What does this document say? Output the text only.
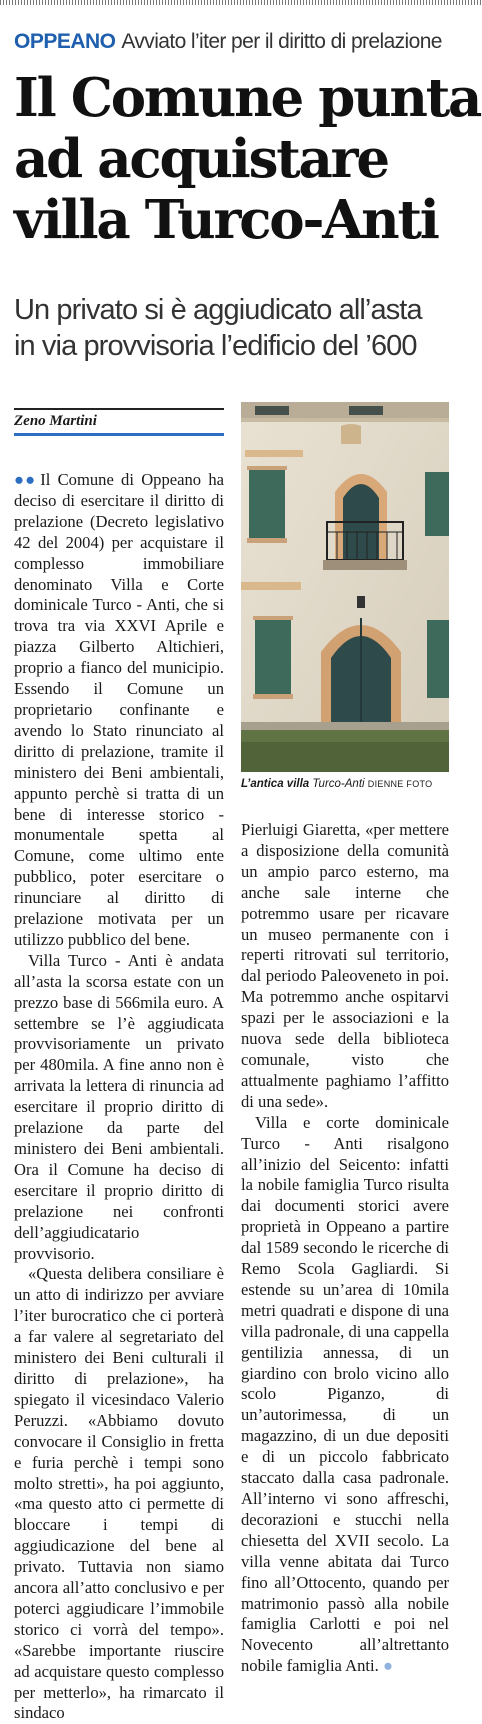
OPPEANO Avviato l’iter per il diritto di prelazione
Il Comune punta
ad acquistare
villa Turco-Anti
Un privato si è aggiudicato all’asta
in via provvisoria l’edificio del ’600
Zeno Martini

●● Il Comune di Oppeano ha deciso di esercitare il diritto di prelazione (Decreto legislativo 42 del 2004) per acquistare il complesso immobiliare denominato Villa e Corte dominicale Turco - Anti, che si trova tra via XXVI Aprile e piazza Gilberto Altichieri, proprio a fianco del municipio. Essendo il Comune un proprietario confinante e avendo lo Stato rinunciato al diritto di prelazione, tramite il ministero dei Beni ambientali, appunto perchè si tratta di un bene di interesse storico - monumentale spetta al Comune, come ultimo ente pubblico, poter esercitare o rinunciare al diritto di prelazione motivata per un utilizzo pubblico del bene.

Villa Turco - Anti è andata all’asta la scorsa estate con un prezzo base di 566mila euro. A settembre se l’è aggiudicata provvisoriamente un privato per 480mila. A fine anno non è arrivata la lettera di rinuncia ad esercitare il proprio diritto di prelazione da parte del ministero dei Beni ambientali. Ora il Comune ha deciso di esercitare il proprio diritto di prelazione nei confronti dell’aggiudicatario provvisorio.

«Questa delibera consiliare è un atto di indirizzo per avviare l’iter burocratico che ci porterà a far valere al segretariato del ministero dei Beni culturali il diritto di prelazione», ha spiegato il vicesindaco Valerio Peruzzi. «Abbiamo dovuto convocare il Consiglio in fretta e furia perchè i tempi sono molto stretti», ha poi aggiunto, «ma questo atto ci permette di bloccare i tempi di aggiudicazione del bene al privato. Tuttavia non siamo ancora all’atto conclusivo e per poterci aggiudicare l’immobile storico ci vorrà del tempo». «Sarebbe importante riuscire ad acquistare questo complesso per metterlo», ha rimarcato il sindaco

L’antica villa Turco-Anti DIENNE FOTO

Pierluigi Giaretta, «per mettere a disposizione della comunità un ampio parco esterno, ma anche sale interne che potremmo usare per ricavare un museo permanente con i reperti ritrovati sul territorio, dal periodo Paleoveneto in poi. Ma potremmo anche ospitarvi spazi per le associazioni e la nuova sede della biblioteca comunale, visto che attualmente paghiamo l’affitto di una sede».

Villa e corte dominicale Turco - Anti risalgono all’inizio del Seicento: infatti la nobile famiglia Turco risulta dai documenti storici avere proprietà in Oppeano a partire dal 1589 secondo le ricerche di Remo Scola Gagliardi. Si estende su un’area di 10mila metri quadrati e dispone di una villa padronale, di una cappella gentilizia annessa, di un giardino con brolo vicino allo scolo Piganzo, di un’autorimessa, di un magazzino, di un due depositi e di un piccolo fabbricato staccato dalla casa padronale. All’interno vi sono affreschi, decorazioni e stucchi nella chiesetta del XVII secolo. La villa venne abitata dai Turco fino all’Ottocento, quando per matrimonio passò alla nobile famiglia Carlotti e poi nel Novecento all’altrettanto nobile famiglia Anti. ●
